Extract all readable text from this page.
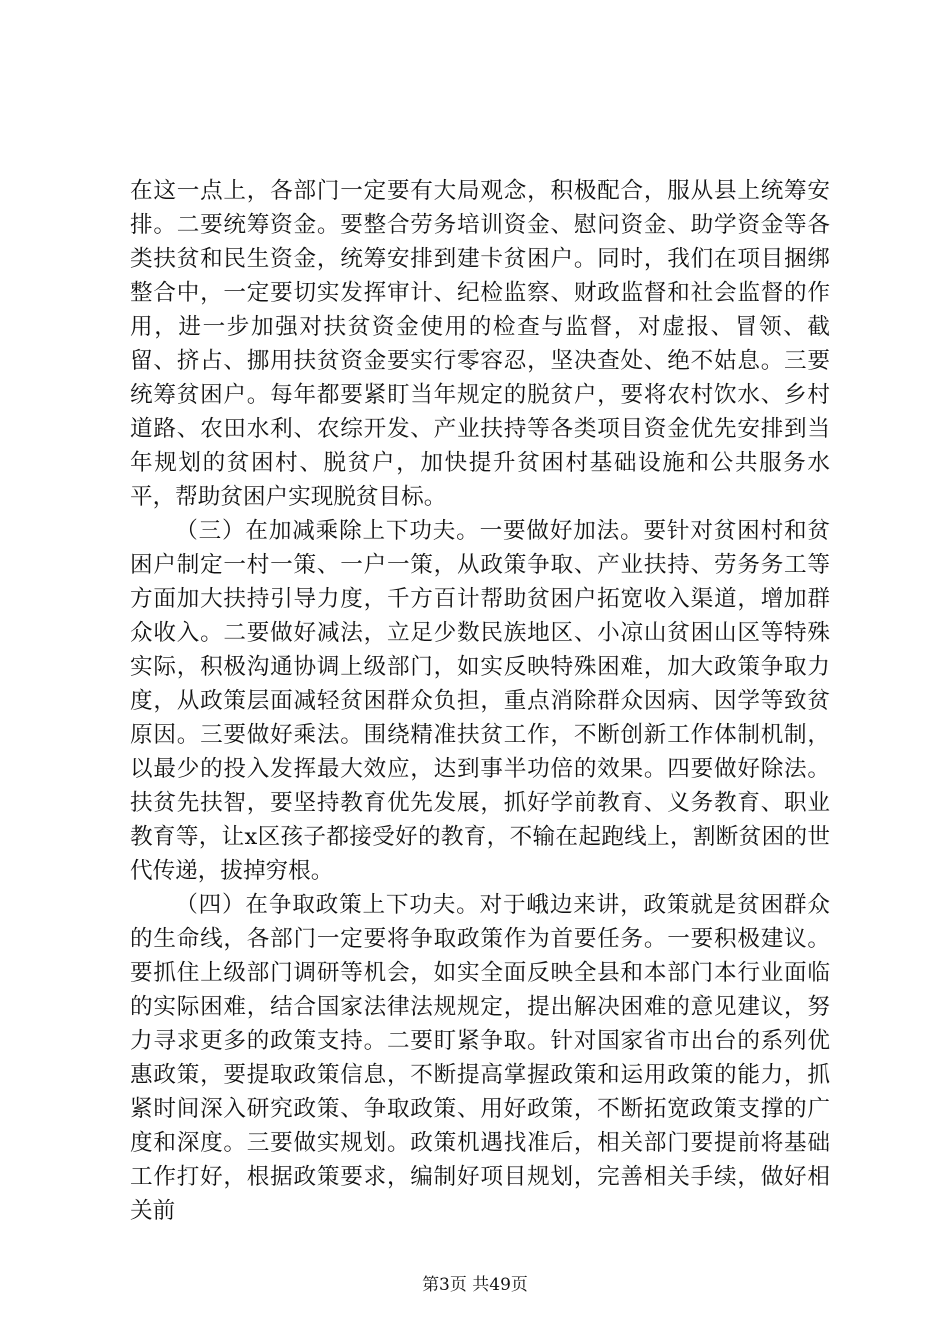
在这一点上，各部门一定要有大局观念，积极配合，服从县上统筹安排。二要统筹资金。要整合劳务培训资金、慰问资金、助学资金等各类扶贫和民生资金，统筹安排到建卡贫困户。同时，我们在项目捆绑整合中，一定要切实发挥审计、纪检监察、财政监督和社会监督的作用，进一步加强对扶贫资金使用的检查与监督，对虚报、冒领、截留、挤占、挪用扶贫资金要实行零容忍，坚决查处、绝不姑息。三要统筹贫困户。每年都要紧盯当年规定的脱贫户，要将农村饮水、乡村道路、农田水利、农综开发、产业扶持等各类项目资金优先安排到当年规划的贫困村、脱贫户，加快提升贫困村基础设施和公共服务水平，帮助贫困户实现脱贫目标。

（三）在加减乘除上下功夫。一要做好加法。要针对贫困村和贫困户制定一村一策、一户一策，从政策争取、产业扶持、劳务务工等方面加大扶持引导力度，千方百计帮助贫困户拓宽收入渠道，增加群众收入。二要做好减法，立足少数民族地区、小凉山贫困山区等特殊实际，积极沟通协调上级部门，如实反映特殊困难，加大政策争取力度，从政策层面减轻贫困群众负担，重点消除群众因病、因学等致贫原因。三要做好乘法。围绕精准扶贫工作，不断创新工作体制机制，以最少的投入发挥最大效应，达到事半功倍的效果。四要做好除法。扶贫先扶智，要坚持教育优先发展，抓好学前教育、义务教育、职业教育等，让x区孩子都接受好的教育，不输在起跑线上，割断贫困的世代传递，拔掉穷根。

（四）在争取政策上下功夫。对于峨边来讲，政策就是贫困群众的生命线，各部门一定要将争取政策作为首要任务。一要积极建议。要抓住上级部门调研等机会，如实全面反映全县和本部门本行业面临的实际困难，结合国家法律法规规定，提出解决困难的意见建议，努力寻求更多的政策支持。二要盯紧争取。针对国家省市出台的系列优惠政策，要提取政策信息，不断提高掌握政策和运用政策的能力，抓紧时间深入研究政策、争取政策、用好政策，不断拓宽政策支撑的广度和深度。三要做实规划。政策机遇找准后，相关部门要提前将基础工作打好，根据政策要求，编制好项目规划，完善相关手续，做好相关前

第3页 共49页
